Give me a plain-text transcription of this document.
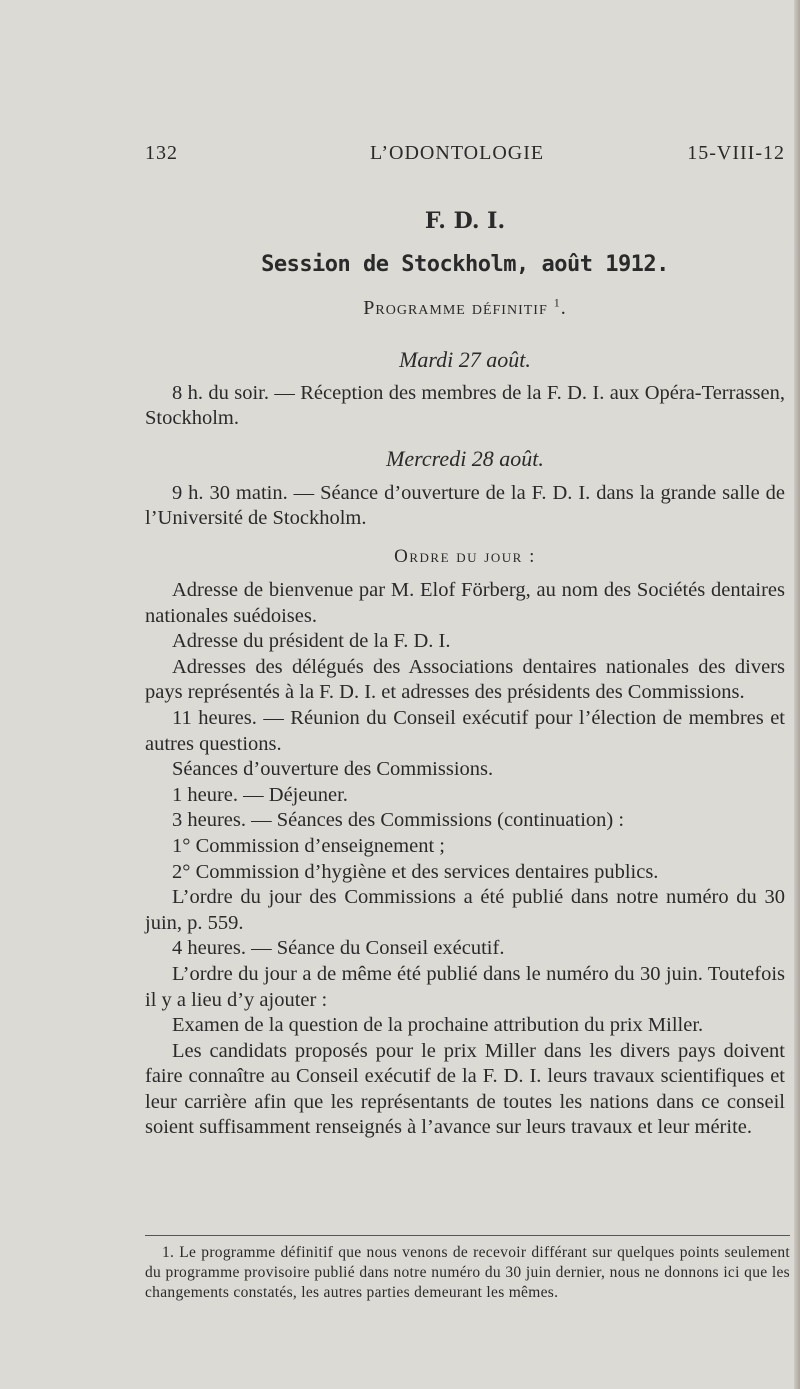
132	L’ODONTOLOGIE	15-VIII-12
F. D. I.
Session de Stockholm, août 1912.
Programme définitif $^1$.
Mardi 27 août.
8 h. du soir. — Réception des membres de la F. D. I. aux Opéra-Terrassen, Stockholm.
Mercredi 28 août.
9 h. 30 matin. — Séance d’ouverture de la F. D. I. dans la grande salle de l’Université de Stockholm.
Ordre du jour :

Adresse de bienvenue par M. Elof Förberg, au nom des Sociétés dentaires nationales suédoises.

Adresse du président de la F. D. I.

Adresses des délégués des Associations dentaires nationales des divers pays représentés à la F. D. I. et adresses des présidents des Commissions.

11 heures. — Réunion du Conseil exécutif pour l’élection de membres et autres questions.

Séances d’ouverture des Commissions.

1 heure. — Déjeuner.

3 heures. — Séances des Commissions (continuation) :

1° Commission d’enseignement ;

2° Commission d’hygiène et des services dentaires publics.

L’ordre du jour des Commissions a été publié dans notre numéro du 30 juin, p. 559.

4 heures. — Séance du Conseil exécutif.

L’ordre du jour a de même été publié dans le numéro du 30 juin. Toutefois il y a lieu d’y ajouter :

Examen de la question de la prochaine attribution du prix Miller.

Les candidats proposés pour le prix Miller dans les divers pays doivent faire connaître au Conseil exécutif de la F. D. I. leurs travaux scientifiques et leur carrière afin que les représentants de toutes les nations dans ce conseil soient suffisamment renseignés à l’avance sur leurs travaux et leur mérite.

1. Le programme définitif que nous venons de recevoir différant sur quelques points seulement du programme provisoire publié dans notre numéro du 30 juin dernier, nous ne donnons ici que les changements constatés, les autres parties demeurant les mêmes.
